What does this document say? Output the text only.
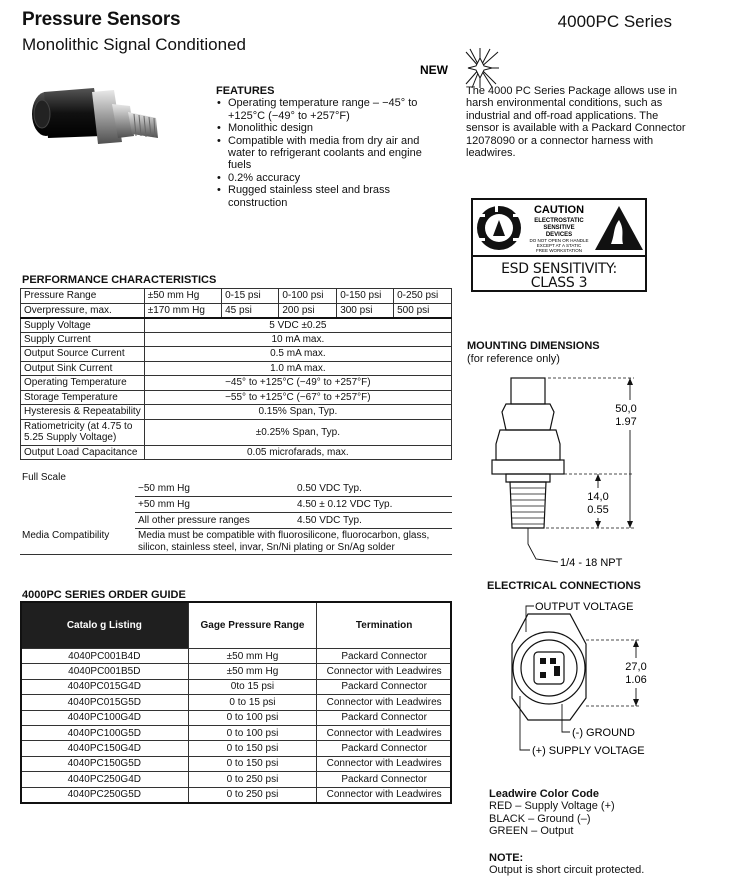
Pressure Sensors
Monolithic Signal Conditioned
4000PC Series
FEATURES
• Operating temperature range – −45° to +125°C (−49° to +257°F)
• Monolithic design
• Compatible with media from dry air and water to refrigerant coolants and engine fuels
• 0.2% accuracy
• Rugged stainless steel and brass construction
NEW
The 4000 PC Series Package allows use in harsh environmental conditions, such as industrial and off-road applications. The sensor is available with a Packard Connector 12078090 or a connector harness with leadwires.
CAUTION
ELECTROSTATIC
SENSITIVE
DEVICES
DO NOT OPEN OR HANDLE
EXCEPT AT A STATIC
FREE WORKSTATION
ESD SENSITIVITY:
CLASS 3
PERFORMANCE CHARACTERISTICS
Pressure Range	±50 mm Hg	0-15 psi	0-100 psi	0-150 psi	0-250 psi
Overpressure, max.	±170 mm Hg	45 psi	200 psi	300 psi	500 psi
Supply Voltage	5 VDC ±0.25				
Supply Current	10 mA max.				
Output Source Current	0.5 mA max.				
Output Sink Current	1.0 mA max.				
Operating Temperature	−45° to +125°C (−49° to +257°F)				
Storage Temperature	−55° to +125°C (−67° to +257°F)				
Hysteresis & Repeatability	0.15% Span, Typ.				
Ratiometricity (at 4.75 to 5.25 Supply Voltage)	±0.25% Span, Typ.				
Output Load Capacitance	0.05 microfarads, max.				
Full Scale
−50 mm Hg	0.50 VDC Typ.
+50 mm Hg	4.50 ± 0.12 VDC Typ.
All other pressure ranges	4.50 VDC Typ.
Media Compatibility	Media must be compatible with fluorosilicone, fluorocarbon, glass, silicon, stainless steel, invar, Sn/Ni plating or Sn/Ag solder
4000PC SERIES ORDER GUIDE
Catalo g Listing	Gage Pressure Range	Termination
4040PC001B4D	±50 mm Hg	Packard Connector
4040PC001B5D	±50 mm Hg	Connector with Leadwires
4040PC015G4D	0to 15 psi	Packard Connector
4040PC015G5D	0 to 15 psi	Connector with Leadwires
4040PC100G4D	0 to 100 psi	Packard Connector
4040PC100G5D	0 to 100 psi	Connector with Leadwires
4040PC150G4D	0 to 150 psi	Packard Connector
4040PC150G5D	0 to 150 psi	Connector with Leadwires
4040PC250G4D	0 to 250 psi	Packard Connector
4040PC250G5D	0 to 250 psi	Connector with Leadwires
MOUNTING DIMENSIONS
(for reference only)
1/4 - 18 NPT
50,0
1.97
14,0
0.55
ELECTRICAL CONNECTIONS
OUTPUT VOLTAGE
(-) GROUND
(+) SUPPLY VOLTAGE
27,0
1.06
Leadwire Color Code
RED – Supply Voltage (+)
BLACK – Ground (–)
GREEN – Output
NOTE:
Output is short circuit protected.
